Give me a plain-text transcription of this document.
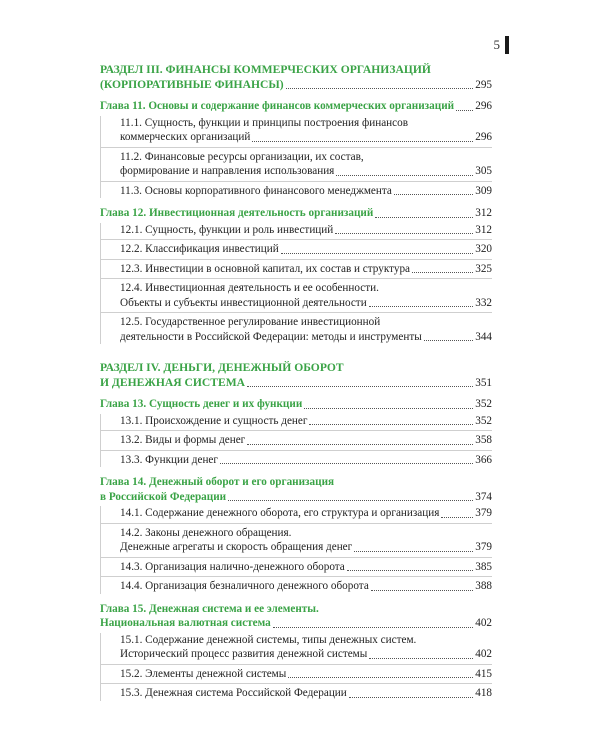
5
РАЗДЕЛ III. ФИНАНСЫ КОММЕРЧЕСКИХ ОРГАНИЗАЦИЙ
(КОРПОРАТИВНЫЕ ФИНАНСЫ)	295
Глава 11. Основы и содержание финансов коммерческих организаций 296
11.1. Сущность, функции и принципы построения финансов
коммерческих организаций	296
11.2. Финансовые ресурсы организации, их состав,
формирование и направления использования	305
11.3. Основы корпоративного финансового менеджмента	309
Глава 12. Инвестиционная деятельность организаций	312
12.1. Сущность, функции и роль инвестиций	312
12.2. Классификация инвестиций	320
12.3. Инвестиции в основной капитал, их состав и структура	325
12.4. Инвестиционная деятельность и ее особенности.
Объекты и субъекты инвестиционной деятельности	332
12.5. Государственное регулирование инвестиционной
деятельности в Российской Федерации: методы и инструменты	344
РАЗДЕЛ IV. ДЕНЬГИ, ДЕНЕЖНЫЙ ОБОРОТ
И ДЕНЕЖНАЯ СИСТЕМА	351
Глава 13. Сущность денег и их функции	352
13.1. Происхождение и сущность денег	352
13.2. Виды и формы денег	358
13.3. Функции денег	366
Глава 14. Денежный оборот и его организация
в Российской Федерации	374
14.1. Содержание денежного оборота, его структура и организация	379
14.2. Законы денежного обращения.
Денежные агрегаты и скорость обращения денег	379
14.3. Организация налично-денежного оборота	385
14.4. Организация безналичного денежного оборота	388
Глава 15. Денежная система и ее элементы.
Национальная валютная система	402
15.1. Содержание денежной системы, типы денежных систем.
Исторический процесс развития денежной системы	402
15.2. Элементы денежной системы	415
15.3. Денежная система Российской Федерации	418
